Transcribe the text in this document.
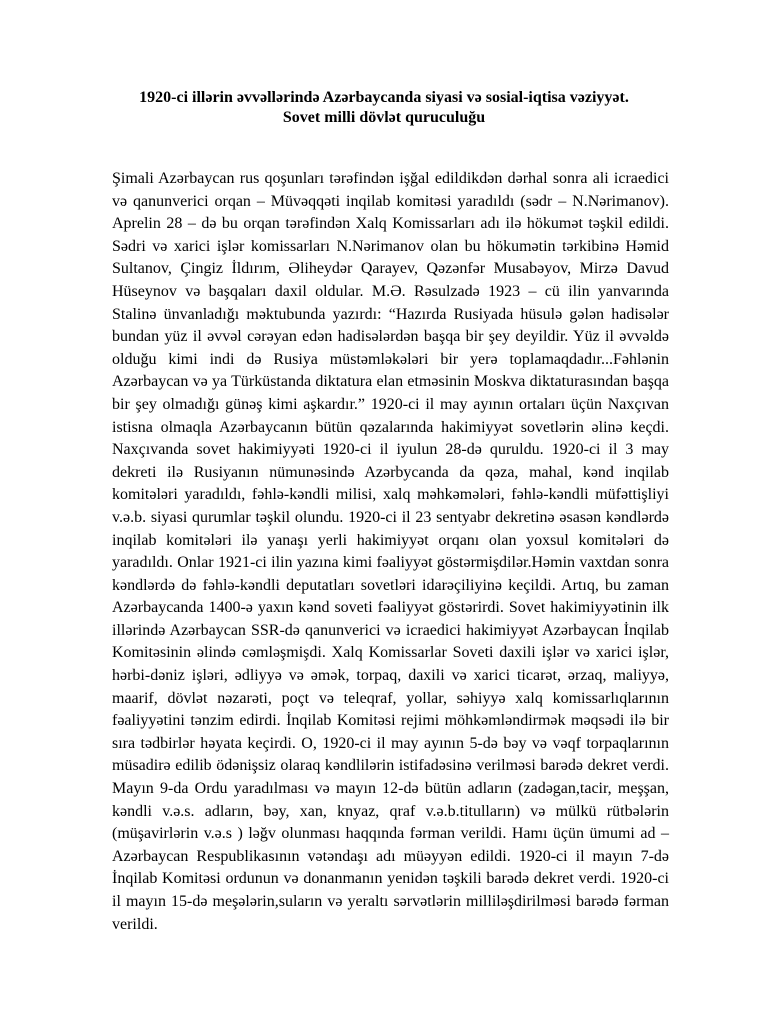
1920-ci illərin əvvəllərində Azərbaycanda siyasi və sosial-iqtisa vəziyyət.
Sovet milli dövlət quruculuğu

Şimali Azərbaycan rus qoşunları tərəfindən işğal edildikdən dərhal sonra ali icraedici və qanunverici orqan – Müvəqqəti inqilab komitəsi yaradıldı (sədr – N.Nərimanov). Aprelin 28 – də bu orqan tərəfindən Xalq Komissarları adı ilə hökumət təşkil edildi. Sədri və xarici işlər komissarları N.Nərimanov olan bu hökumətin tərkibinə Həmid Sultanov, Çingiz İldırım, Əliheydər Qarayev, Qəzənfər Musabəyov, Mirzə Davud Hüseynov və başqaları daxil oldular. M.Ə. Rəsulzadə 1923 – cü ilin yanvarında Stalinə ünvanladığı məktubunda yazırdı: “Hazırda Rusiyada hüsulə gələn hadisələr bundan yüz il əvvəl cərəyan edən hadisələrdən başqa bir şey deyildir. Yüz il əvvəldə olduğu kimi indi də Rusiya müstəmləkələri bir yerə toplamaqdadır...Fəhlənin Azərbaycan və ya Türküstanda diktatura elan etməsinin Moskva diktaturasından başqa bir şey olmadığı günəş kimi aşkardır.” 1920-ci il may ayının ortaları üçün Naxçıvan istisna olmaqla Azərbaycanın bütün qəzalarında hakimiyyət sovetlərin əlinə keçdi. Naxçıvanda sovet hakimiyyəti 1920-ci il iyulun 28-də quruldu. 1920-ci il 3 may dekreti ilə Rusiyanın nümunəsində Azərbycanda da qəza, mahal, kənd inqilab komitələri yaradıldı, fəhlə-kəndli milisi, xalq məhkəmələri, fəhlə-kəndli müfəttişliyi v.ə.b. siyasi qurumlar təşkil olundu. 1920-ci il 23 sentyabr dekretinə əsasən kəndlərdə inqilab komitələri ilə yanaşı yerli hakimiyyət orqanı olan yoxsul komitələri də yaradıldı. Onlar 1921-ci ilin yazına kimi fəaliyyət göstərmişdilər.Həmin vaxtdan sonra kəndlərdə də fəhlə-kəndli deputatları sovetləri idarəçiliyinə keçildi. Artıq, bu zaman Azərbaycanda 1400-ə yaxın kənd soveti fəaliyyət göstərirdi. Sovet hakimiyyətinin ilk illərində Azərbaycan SSR-də qanunverici və icraedici hakimiyyət Azərbaycan İnqilab Komitəsinin əlində cəmləşmişdi. Xalq Komissarlar Soveti daxili işlər və xarici işlər, hərbi-dəniz işləri, ədliyyə və əmək, torpaq, daxili və xarici ticarət, ərzaq, maliyyə, maarif, dövlət nəzarəti, poçt və teleqraf, yollar, səhiyyə xalq komissarlıqlarının fəaliyyətini tənzim edirdi. İnqilab Komitəsi rejimi möhkəmləndirmək məqsədi ilə bir sıra tədbirlər həyata keçirdi. O, 1920-ci il may ayının 5-də bəy və vəqf torpaqlarının müsadirə edilib ödənişsiz olaraq kəndlilərin istifadəsinə verilməsi barədə dekret verdi. Mayın 9-da Ordu yaradılması və mayın 12-də bütün adların (zadəgan,tacir, meşşan, kəndli v.ə.s. adların, bəy, xan, knyaz, qraf v.ə.b.titulların) və mülkü rütbələrin (müşavirlərin v.ə.s ) ləğv olunması haqqında fərman verildi. Hamı üçün ümumi ad – Azərbaycan Respublikasının vətəndaşı adı müəyyən edildi. 1920-ci il mayın 7-də İnqilab Komitəsi ordunun və donanmanın yenidən təşkili barədə dekret verdi. 1920-ci il mayın 15-də meşələrin,suların və yeraltı sərvətlərin milliləşdirilməsi barədə fərman verildi.
